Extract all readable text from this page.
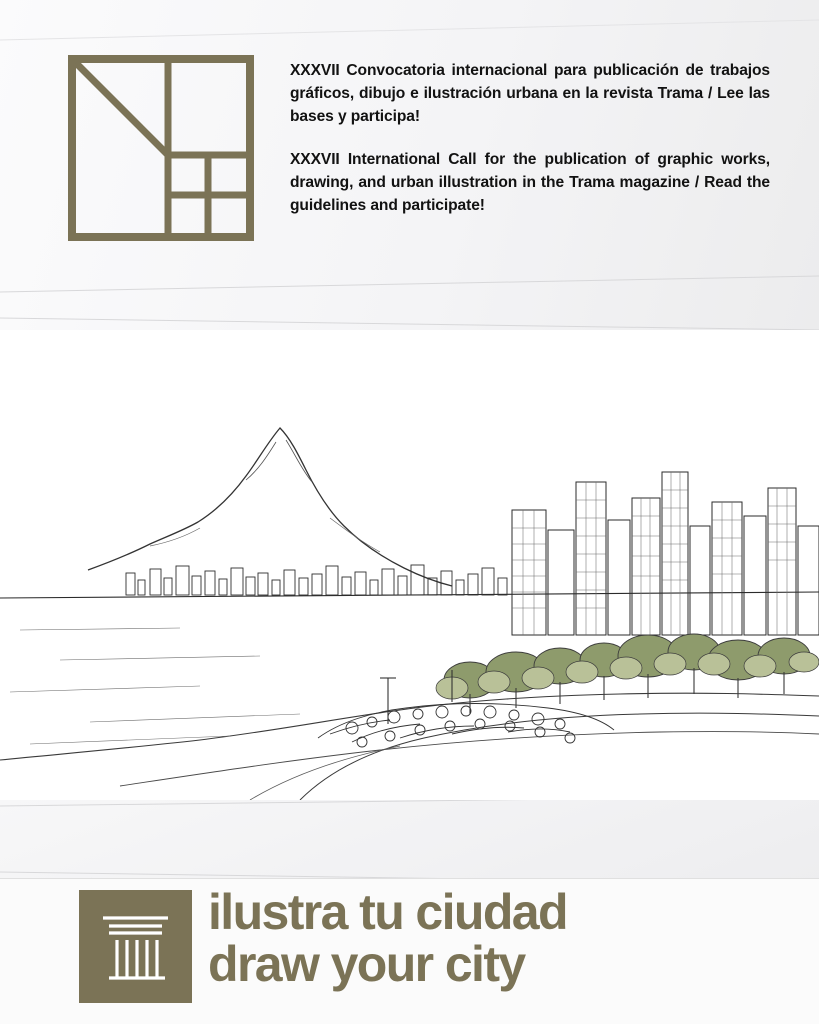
XXXVII Convocatoria internacional para publicación de trabajos gráficos, dibujo e ilustración urbana en la revista Trama / Lee las bases y participa!

XXXVII International Call for the publication of graphic works, drawing, and urban illustration in the Trama magazine / Read the guidelines and participate!

ilustra tu ciudad

draw your city
